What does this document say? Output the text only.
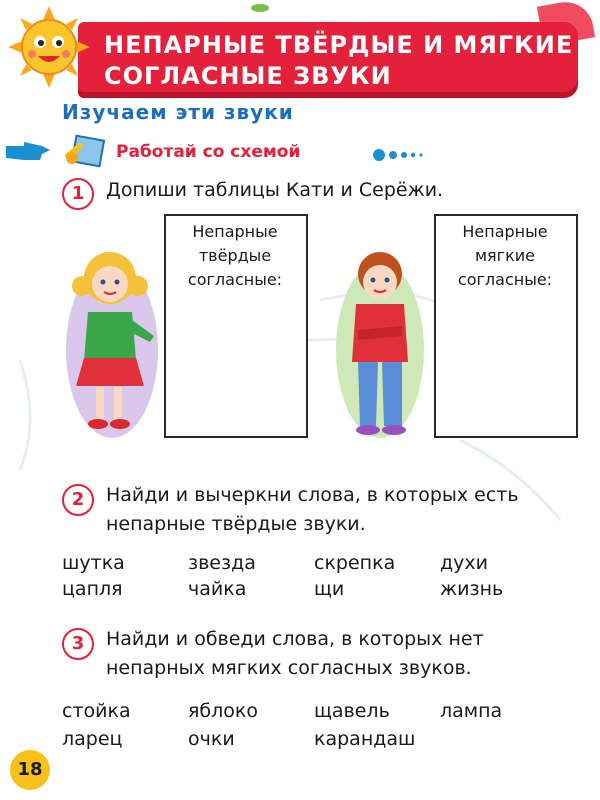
НЕПАРНЫЕ ТВЁРДЫЕ И МЯГКИЕ
СОГЛАСНЫЕ ЗВУКИ
Изучаем эти звуки
Работай со схемой
1	Допиши таблицы Кати и Серёжи.
Непарные
твёрдые
согласные:
Непарные
мягкие
согласные:
2	Найди и вычеркни слова, в которых есть
непарные твёрдые звуки.
шутка	звезда	скрепка духи
цапля	чайка	щи	жизнь
3	Найди и обведи слова, в которых нет
непарных мягких согласных звуков.
стойка	яблоко	щавель	лампа
ларец	очки	карандаш
18
